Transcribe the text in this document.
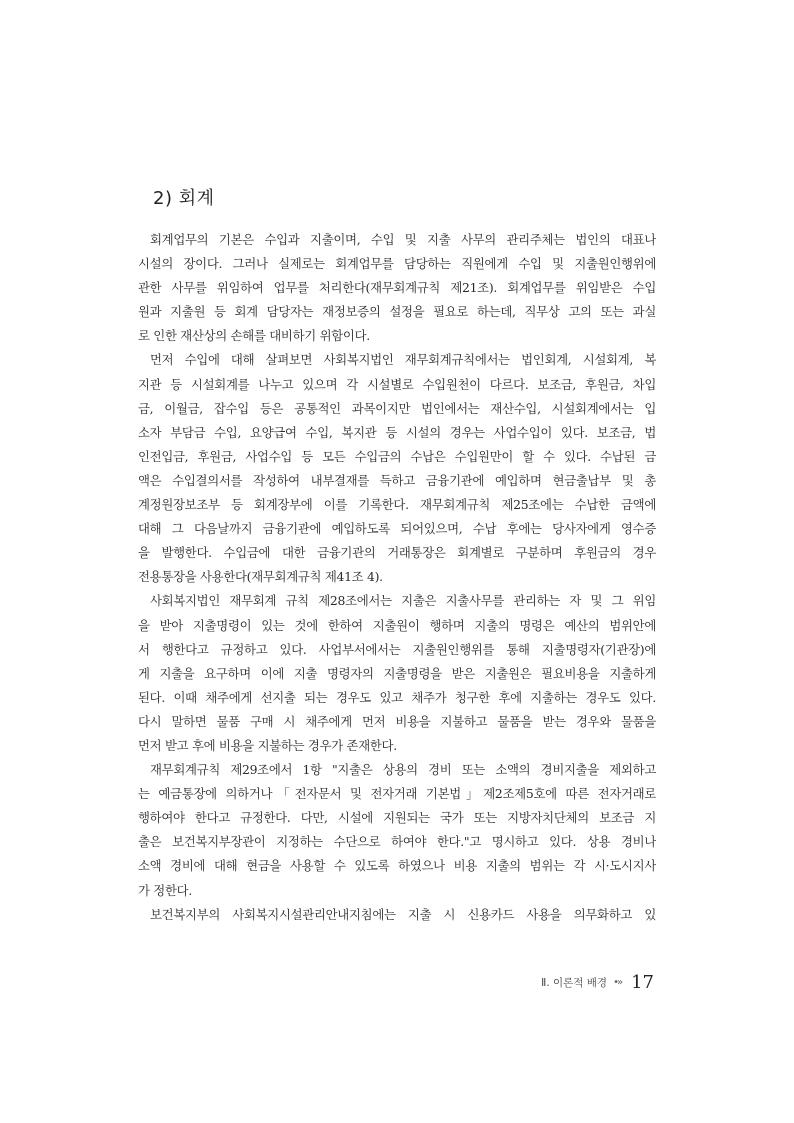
2) 회계
회계업무의 기본은 수입과 지출이며, 수입 및 지출 사무의 관리주체는 법인의 대표나
시설의 장이다. 그러나 실제로는 회계업무를 담당하는 직원에게 수입 및 지출원인행위에
관한 사무를 위임하여 업무를 처리한다(재무회계규칙 제21조). 회계업무를 위임받은 수입
원과 지출원 등 회계 담당자는 재정보증의 설정을 필요로 하는데, 직무상 고의 또는 과실
로 인한 재산상의 손해를 대비하기 위함이다.
먼저 수입에 대해 살펴보면 사회복지법인 재무회계규칙에서는 법인회계, 시설회계, 복
지관 등 시설회계를 나누고 있으며 각 시설별로 수입원천이 다르다. 보조금, 후원금, 차입
금, 이월금, 잡수입 등은 공통적인 과목이지만 법인에서는 재산수입, 시설회계에서는 입
소자 부담금 수입, 요양급여 수입, 복지관 등 시설의 경우는 사업수입이 있다. 보조금, 법
인전입금, 후원금, 사업수입 등 모든 수입금의 수납은 수입원만이 할 수 있다. 수납된 금
액은 수입결의서를 작성하여 내부결재를 득하고 금융기관에 예입하며 현금출납부 및 총
계정원장보조부 등 회계장부에 이를 기록한다. 재무회계규칙 제25조에는 수납한 금액에
대해 그 다음날까지 금융기관에 예입하도록 되어있으며, 수납 후에는 당사자에게 영수증
을 발행한다. 수입금에 대한 금융기관의 거래통장은 회계별로 구분하며 후원금의 경우
전용통장을 사용한다(재무회계규칙 제41조 4).
사회복지법인 재무회계 규칙 제28조에서는 지출은 지출사무를 관리하는 자 및 그 위임
을 받아 지출명령이 있는 것에 한하여 지출원이 행하며 지출의 명령은 예산의 범위안에
서 행한다고 규정하고 있다. 사업부서에서는 지출원인행위를 통해 지출명령자(기관장)에
게 지출을 요구하며 이에 지출 명령자의 지출명령을 받은 지출원은 필요비용을 지출하게
된다. 이때 채주에게 선지출 되는 경우도 있고 채주가 청구한 후에 지출하는 경우도 있다.
다시 말하면 물품 구매 시 채주에게 먼저 비용을 지불하고 물품을 받는 경우와 물품을
먼저 받고 후에 비용을 지불하는 경우가 존재한다.
재무회계규칙 제29조에서 1항 "지출은 상용의 경비 또는 소액의 경비지출을 제외하고
는 예금통장에 의하거나「전자문서 및 전자거래 기본법」제2조제5호에 따른 전자거래로
행하여야 한다고 규정한다. 다만, 시설에 지원되는 국가 또는 지방자치단체의 보조금 지
출은 보건복지부장관이 지정하는 수단으로 하여야 한다."고 명시하고 있다. 상용 경비나
소액 경비에 대해 현금을 사용할 수 있도록 하였으나 비용 지출의 범위는 각 시·도시지사
가 정한다.
보건복지부의 사회복지시설관리안내지침에는 지출 시 신용카드 사용을 의무화하고 있
Ⅱ. 이론적 배경 •» 17
